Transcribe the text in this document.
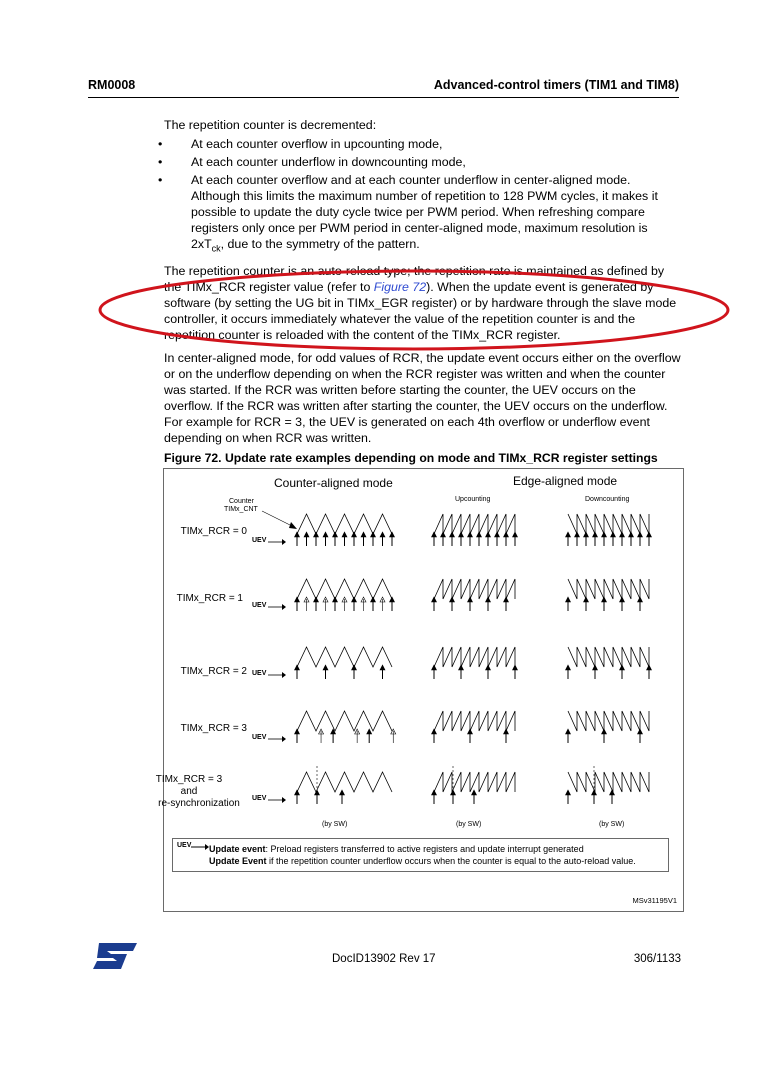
RM0008	Advanced-control timers (TIM1 and TIM8)
The repetition counter is decremented:
• At each counter overflow in upcounting mode,
• At each counter underflow in downcounting mode,
• At each counter overflow and at each counter underflow in center-aligned mode. Although this limits the maximum number of repetition to 128 PWM cycles, it makes it possible to update the duty cycle twice per PWM period. When refreshing compare registers only once per PWM period in center-aligned mode, maximum resolution is $2xT_{ck}$, due to the symmetry of the pattern.

The repetition counter is an auto-reload type; the repetition rate is maintained as defined by the TIMx_RCR register value (refer to Figure 72). When the update event is generated by software (by setting the UG bit in TIMx_EGR register) or by hardware through the slave mode controller, it occurs immediately whatever the value of the repetition counter is and the repetition counter is reloaded with the content of the TIMx_RCR register.

In center-aligned mode, for odd values of RCR, the update event occurs either on the overflow or on the underflow depending on when the RCR register was written and when the counter was started. If the RCR was written before starting the counter, the UEV occurs on the overflow. If the RCR was written after starting the counter, the UEV occurs on the underflow. For example for RCR = 3, the UEV is generated on each 4th overflow or underflow event depending on when RCR was written.

Figure 72. Update rate examples depending on mode and TIMx_RCR register settings
UEV
UEV
UEV
UEV
UEV
Counter-aligned mode	Edge-aligned mode
Upcounting	Downcounting
Counter
TIMx_CNT
TIMx_RCR = 0
TIMx_RCR = 1
TIMx_RCR = 2
TIMx_RCR = 3
TIMx_RCR = 3
and
re-synchronization
(by SW)	(by SW)	(by SW)
UEV Update event: Preload registers transferred to active registers and update interrupt generated
Update Event if the repetition counter underflow occurs when the counter is equal to the auto-reload value.
MSv31195V1
DocID13902 Rev 17	306/1133
